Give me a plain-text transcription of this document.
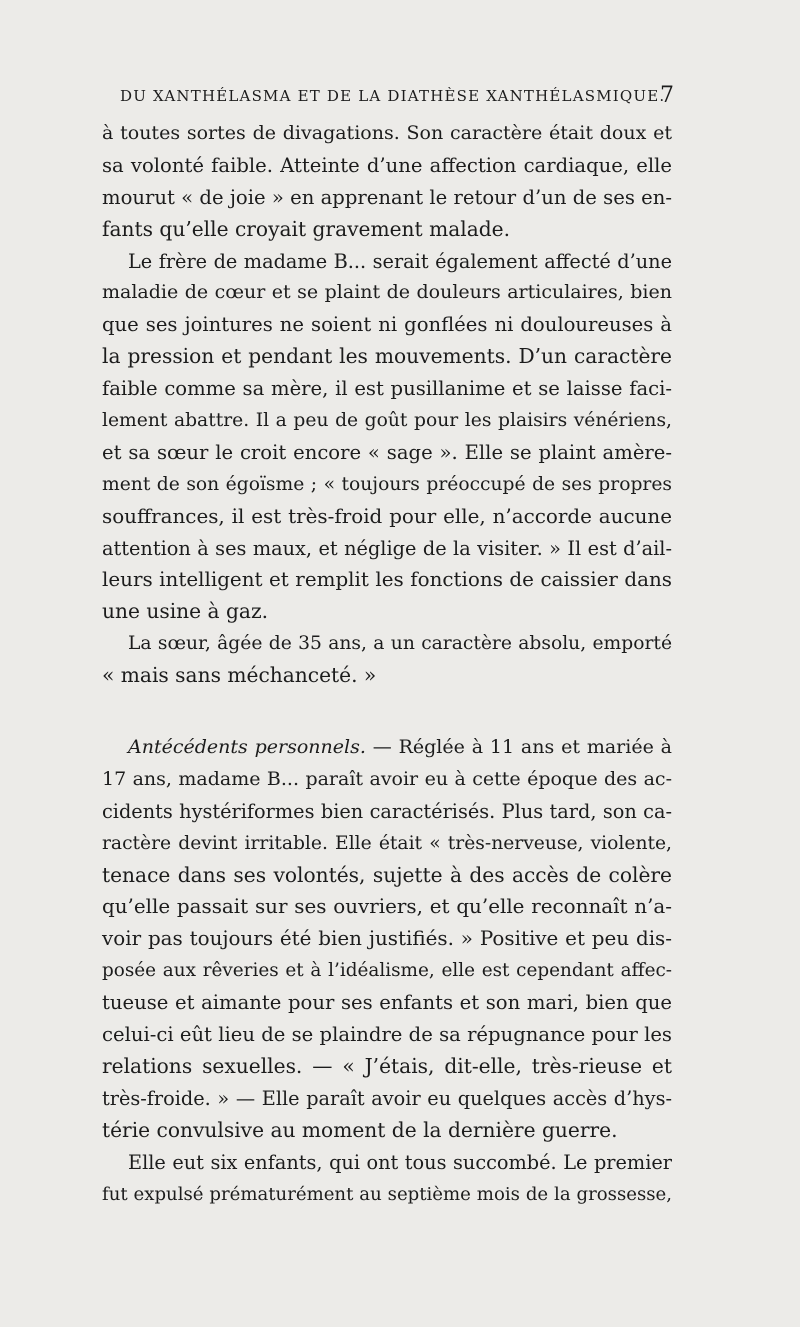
DU XANTHÉLASMA ET DE LA DIATHÈSE XANTHÉLASMIQUE.
7
à toutes sortes de divagations. Son caractère était doux et
sa volonté faible. Atteinte d’une affection cardiaque, elle
mourut « de joie » en apprenant le retour d’un de ses en-
fants qu’elle croyait gravement malade.
Le frère de madame B... serait également affecté d’une
maladie de cœur et se plaint de douleurs articulaires, bien
que ses jointures ne soient ni gonflées ni douloureuses à
la pression et pendant les mouvements. D’un caractère
faible comme sa mère, il est pusillanime et se laisse faci-
lement abattre. Il a peu de goût pour les plaisirs vénériens,
et sa sœur le croit encore « sage ». Elle se plaint amère-
ment de son égoïsme ; « toujours préoccupé de ses propres
souffrances, il est très-froid pour elle, n’accorde aucune
attention à ses maux, et néglige de la visiter. » Il est d’ail-
leurs intelligent et remplit les fonctions de caissier dans
une usine à gaz.
La sœur, âgée de 35 ans, a un caractère absolu, emporté
« mais sans méchanceté. »
Antécédents personnels. — Réglée à 11 ans et mariée à
17 ans, madame B... paraît avoir eu à cette époque des ac-
cidents hystériformes bien caractérisés. Plus tard, son ca-
ractère devint irritable. Elle était « très-nerveuse, violente,
tenace dans ses volontés, sujette à des accès de colère
qu’elle passait sur ses ouvriers, et qu’elle reconnaît n’a-
voir pas toujours été bien justifiés. » Positive et peu dis-
posée aux rêveries et à l’idéalisme, elle est cependant affec-
tueuse et aimante pour ses enfants et son mari, bien que
celui-ci eût lieu de se plaindre de sa répugnance pour les
relations sexuelles. — « J’étais, dit-elle, très-rieuse et
très-froide. » — Elle paraît avoir eu quelques accès d’hys-
térie convulsive au moment de la dernière guerre.
Elle eut six enfants, qui ont tous succombé. Le premier
fut expulsé prématurément au septième mois de la grossesse,
